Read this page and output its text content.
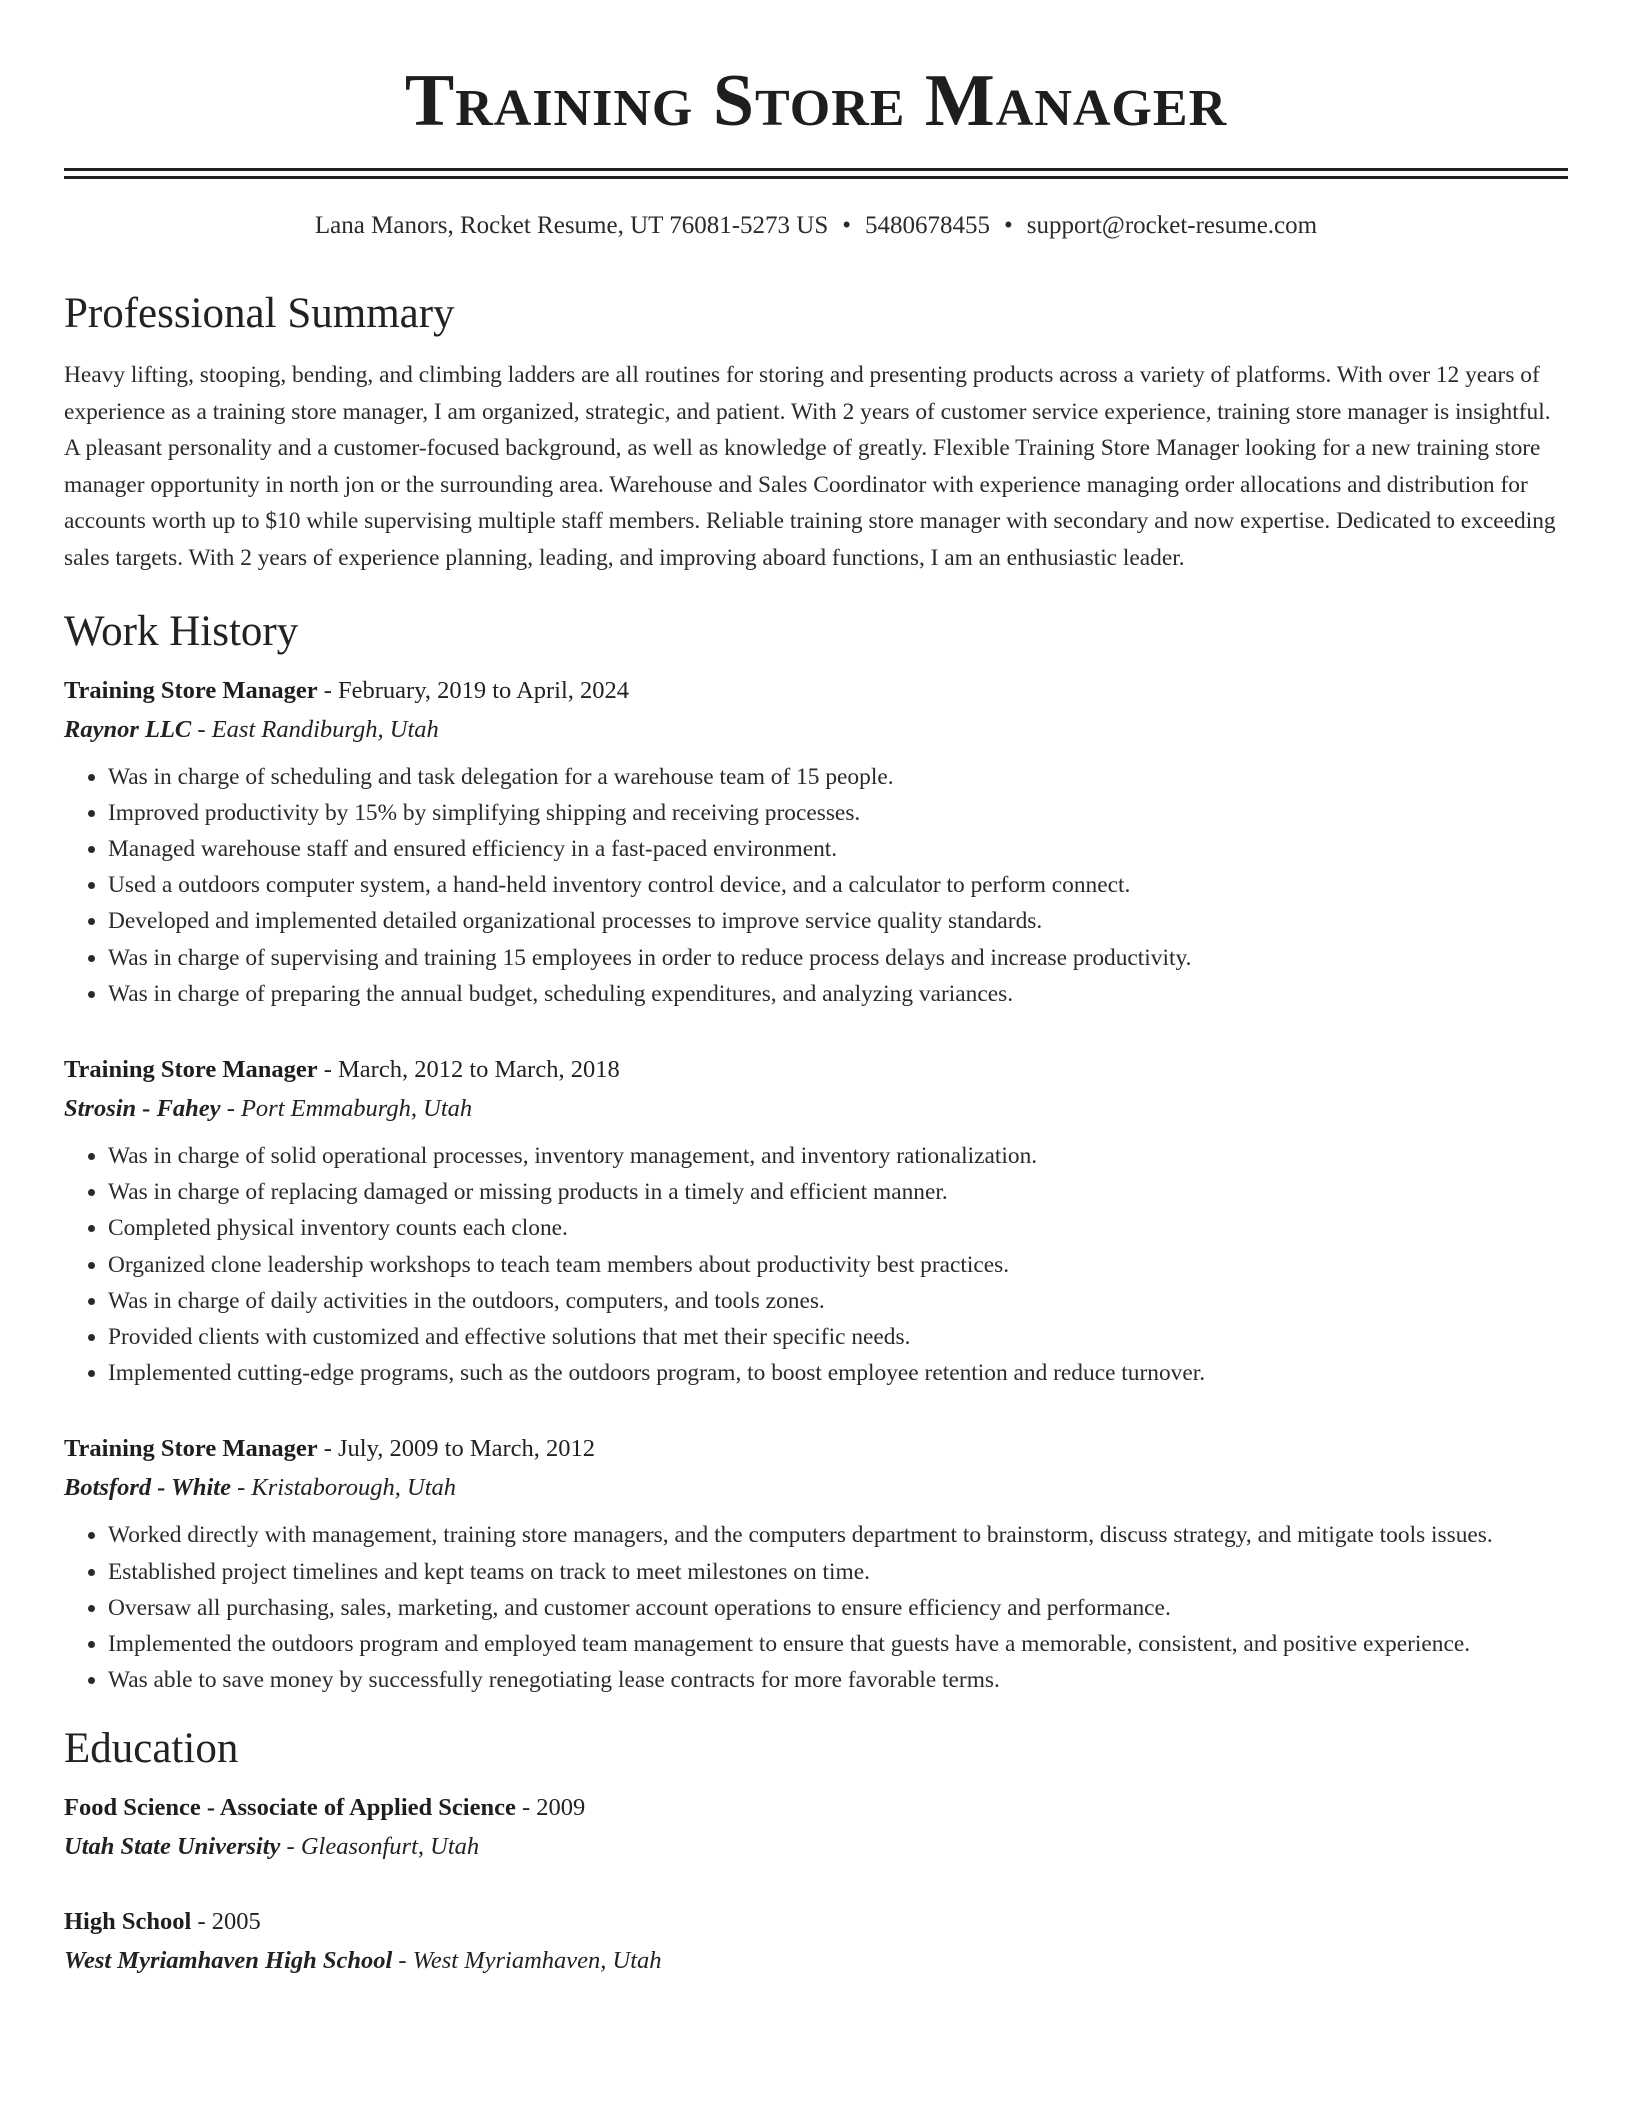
Training Store Manager
Lana Manors, Rocket Resume, UT 76081-5273 US • 5480678455 • support@rocket-resume.com
Professional Summary

Heavy lifting, stooping, bending, and climbing ladders are all routines for storing and presenting products across a variety of platforms. With over 12 years of experience as a training store manager, I am organized, strategic, and patient. With 2 years of customer service experience, training store manager is insightful. A pleasant personality and a customer-focused background, as well as knowledge of greatly. Flexible Training Store Manager looking for a new training store manager opportunity in north jon or the surrounding area. Warehouse and Sales Coordinator with experience managing order allocations and distribution for accounts worth up to $10 while supervising multiple staff members. Reliable training store manager with secondary and now expertise. Dedicated to exceeding sales targets. With 2 years of experience planning, leading, and improving aboard functions, I am an enthusiastic leader.

Work History
Training Store Manager - February, 2019 to April, 2024
Raynor LLC - East Randiburgh, Utah
• Was in charge of scheduling and task delegation for a warehouse team of 15 people.
• Improved productivity by 15% by simplifying shipping and receiving processes.
• Managed warehouse staff and ensured efficiency in a fast-paced environment.
• Used a outdoors computer system, a hand-held inventory control device, and a calculator to perform connect.
• Developed and implemented detailed organizational processes to improve service quality standards.
• Was in charge of supervising and training 15 employees in order to reduce process delays and increase productivity.
• Was in charge of preparing the annual budget, scheduling expenditures, and analyzing variances.
Training Store Manager - March, 2012 to March, 2018
Strosin - Fahey - Port Emmaburgh, Utah
• Was in charge of solid operational processes, inventory management, and inventory rationalization.
• Was in charge of replacing damaged or missing products in a timely and efficient manner.
• Completed physical inventory counts each clone.
• Organized clone leadership workshops to teach team members about productivity best practices.
• Was in charge of daily activities in the outdoors, computers, and tools zones.
• Provided clients with customized and effective solutions that met their specific needs.
• Implemented cutting-edge programs, such as the outdoors program, to boost employee retention and reduce turnover.
Training Store Manager - July, 2009 to March, 2012
Botsford - White - Kristaborough, Utah
• Worked directly with management, training store managers, and the computers department to brainstorm, discuss strategy, and mitigate tools issues.
• Established project timelines and kept teams on track to meet milestones on time.
• Oversaw all purchasing, sales, marketing, and customer account operations to ensure efficiency and performance.
• Implemented the outdoors program and employed team management to ensure that guests have a memorable, consistent, and positive experience.
• Was able to save money by successfully renegotiating lease contracts for more favorable terms.
Education
Food Science - Associate of Applied Science - 2009
Utah State University - Gleasonfurt, Utah
High School - 2005
West Myriamhaven High School - West Myriamhaven, Utah
